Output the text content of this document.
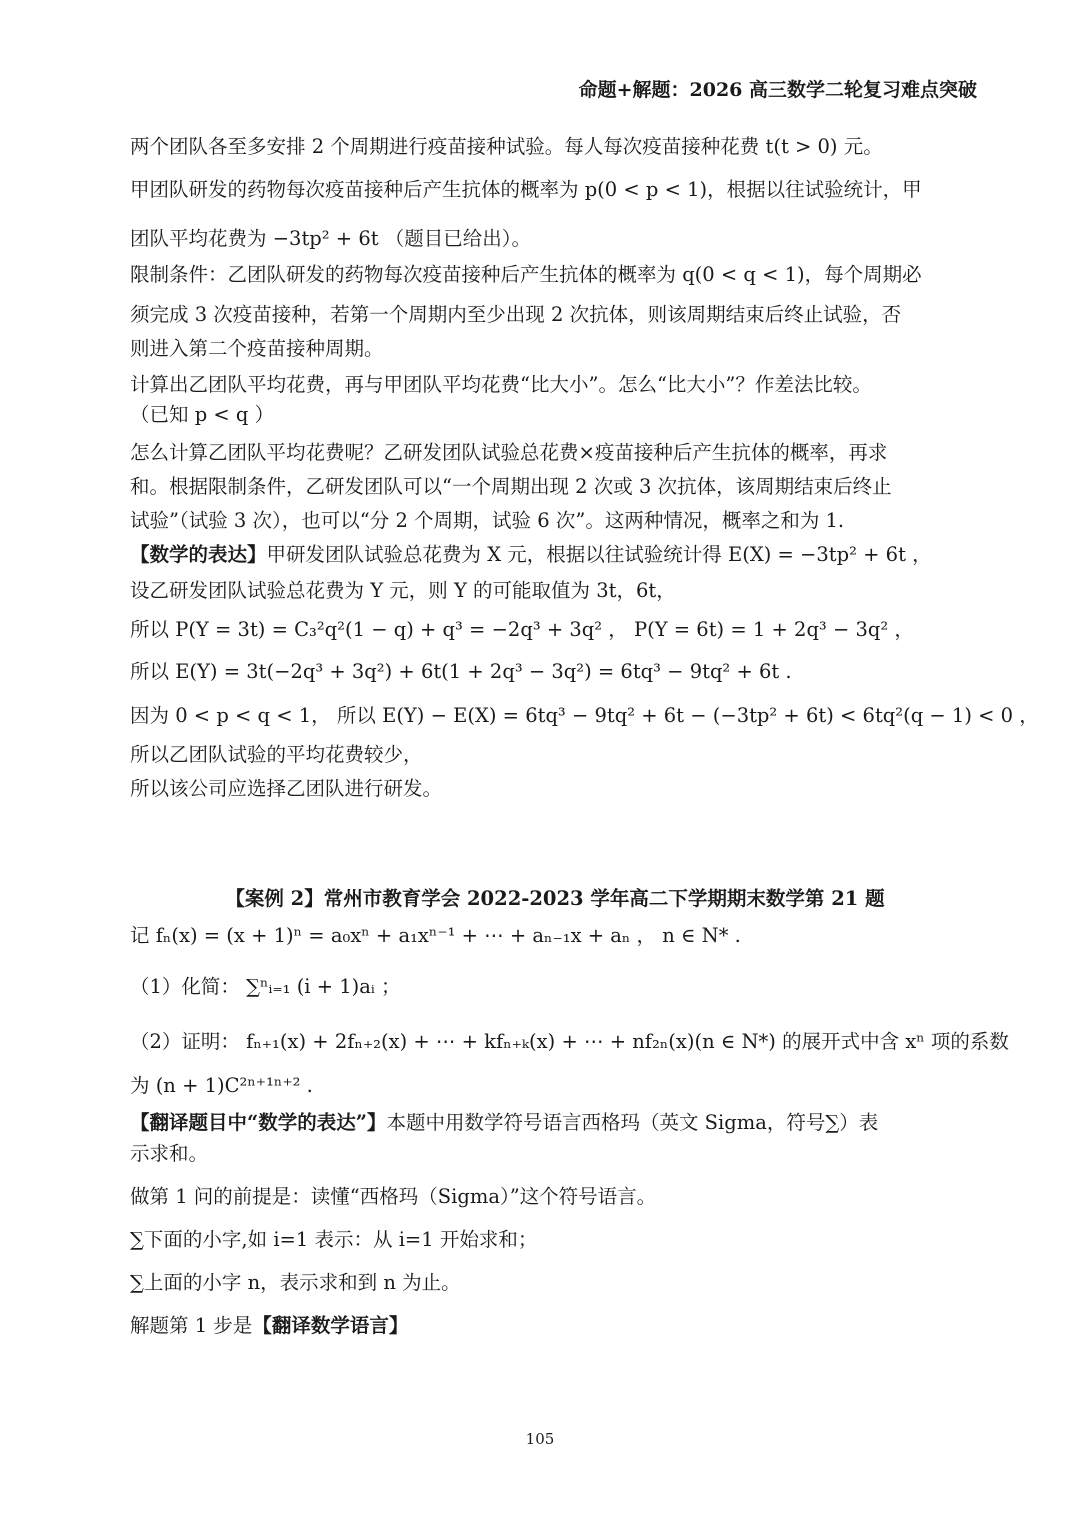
命题+解题：2026 高三数学二轮复习难点突破

两个团队各至多安排 2 个周期进行疫苗接种试验。每人每次疫苗接种花费 t(t > 0) 元。

甲团队研发的药物每次疫苗接种后产生抗体的概率为 p(0 < p < 1)，根据以往试验统计，甲

团队平均花费为 −3tp² + 6t （题目已给出）。

限制条件：乙团队研发的药物每次疫苗接种后产生抗体的概率为 q(0 < q < 1)，每个周期必

须完成 3 次疫苗接种，若第一个周期内至少出现 2 次抗体，则该周期结束后终止试验，否

则进入第二个疫苗接种周期。

计算出乙团队平均花费，再与甲团队平均花费“比大小”。怎么“比大小”？作差法比较。

（已知 p < q ）

怎么计算乙团队平均花费呢？乙研发团队试验总花费×疫苗接种后产生抗体的概率，再求

和。根据限制条件，乙研发团队可以“一个周期出现 2 次或 3 次抗体，该周期结束后终止

试验”（试验 3 次），也可以“分 2 个周期，试验 6 次”。这两种情况，概率之和为 1.

【数学的表达】甲研发团队试验总花费为 X 元，根据以往试验统计得 E(X) = −3tp² + 6t ，

设乙研发团队试验总花费为 Y 元，则 Y 的可能取值为 3t，6t，

所以 P(Y = 3t) = C₃²q²(1 − q) + q³ = −2q³ + 3q² ， P(Y = 6t) = 1 + 2q³ − 3q² ，

所以 E(Y) = 3t(−2q³ + 3q²) + 6t(1 + 2q³ − 3q²) = 6tq³ − 9tq² + 6t .

因为 0 < p < q < 1， 所以 E(Y) − E(X) = 6tq³ − 9tq² + 6t − (−3tp² + 6t) < 6tq²(q − 1) < 0 ，

所以乙团队试验的平均花费较少，

所以该公司应选择乙团队进行研发。

【案例 2】常州市教育学会 2022-2023 学年高二下学期期末数学第 21 题

记 fₙ(x) = (x + 1)ⁿ = a₀xⁿ + a₁xⁿ⁻¹ + ⋯ + aₙ₋₁x + aₙ ， n ∈ N* .

（1）化简： ∑ⁿᵢ₌₁ (i + 1)aᵢ ；

（2）证明： fₙ₊₁(x) + 2fₙ₊₂(x) + ⋯ + kfₙ₊ₖ(x) + ⋯ + nf₂ₙ(x)(n ∈ N*) 的展开式中含 xⁿ 项的系数

为 (n + 1)C²ⁿ⁺¹ⁿ⁺² .

【翻译题目中“数学的表达”】本题中用数学符号语言西格玛（英文 Sigma，符号∑）表

示求和。

做第 1 问的前提是：读懂“西格玛（Sigma）”这个符号语言。

∑下面的小字,如 i=1 表示：从 i=1 开始求和；

∑上面的小字 n，表示求和到 n 为止。

解题第 1 步是【翻译数学语言】

105
